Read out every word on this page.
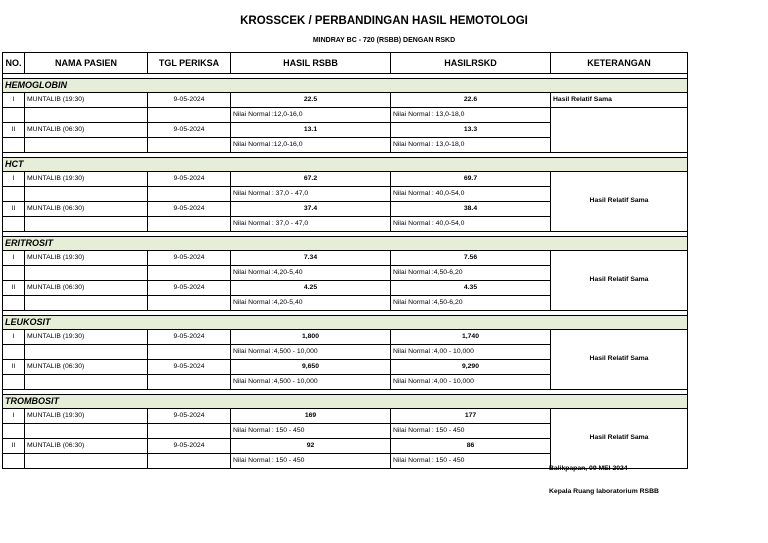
KROSSCEK / PERBANDINGAN HASIL HEMOTOLOGI
MINDRAY BC - 720 (RSBB) DENGAN RSKD
NO.	NAMA PASIEN	TGL PERIKSA	HASIL RSBB	HASILRSKD	KETERANGAN

HEMOGLOBIN					
I	MUNTALIB (19:30)	9-05-2024	22.5	22.6	Hasil Relatif Sama
			Nilai Normal :12,0-16,0	Nilai Normal : 13,0-18,0	
II	MUNTALIB (06:30)	9-05-2024	13.1	13.3	
			Nilai Normal :12,0-16,0	Nilai Normal : 13,0-18,0	

HCT					
I	MUNTALIB (19:30)	9-05-2024	67.2	69.7	Hasil Relatif Sama
			Nilai Normal : 37,0 - 47,0	Nilai Normal : 40,0-54,0	
II	MUNTALIB (06:30)	9-05-2024	37.4	38.4	
			Nilai Normal : 37,0 - 47,0	Nilai Normal : 40,0-54,0	

ERITROSIT					
I	MUNTALIB (19:30)	9-05-2024	7.34	7.56	Hasil Relatif Sama
			Nilai Normal :4,20-5,40	Nilai Normal :4,50-6,20	
II	MUNTALIB (06:30)	9-05-2024	4.25	4.35	
			Nilai Normal :4,20-5,40	Nilai Normal :4,50-6,20	

LEUKOSIT					
I	MUNTALIB (19:30)	9-05-2024	1,800	1,740	Hasil Relatif Sama
			Nilai Normal :4,500 - 10,000	Nilai Normal :4,00 - 10,000	
II	MUNTALIB (06:30)	9-05-2024	9,650	9,290	
			Nilai Normal :4,500 - 10,000	Nilai Normal :4,00 - 10,000	

TROMBOSIT					
I	MUNTALIB (19:30)	9-05-2024	169	177	Hasil Relatif Sama
			Nilai Normal : 150 - 450	Nilai Normal : 150 - 450	
II	MUNTALIB (06:30)	9-05-2024	92	86	
			Nilai Normal : 150 - 450	Nilai Normal : 150 - 450	
Balikpapan, 09 MEI 2024
Kepala Ruang laboratorium RSBB
